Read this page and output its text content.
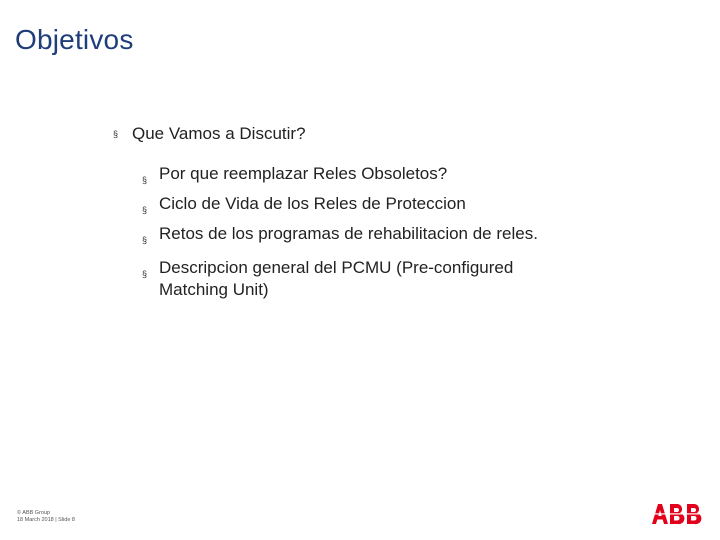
Objetivos
§ Que Vamos a Discutir?
§ Por que reemplazar Reles Obsoletos?
§ Ciclo de Vida de los Reles de Proteccion
§ Retos de los programas de rehabilitacion de reles.
§ Descripcion general del PCMU (Pre-configured Matching Unit)
© ABB Group
18 March 2018 | Slide 8
